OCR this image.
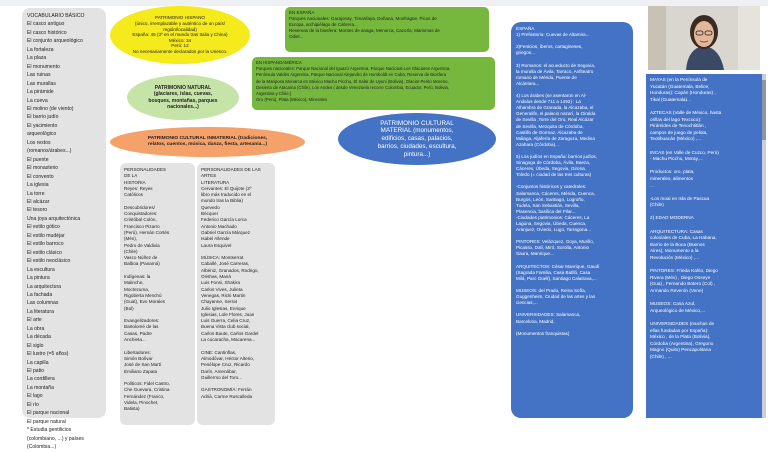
VOCABULARIO BÁSICO
El casco antiguo
El casco histórico
El conjunto arqueológico
La fortaleza
La plaza
El monumento
Las ruinas
Las murallas
La pirámide
La cueva
El molino (de viento)
El barrio judío
El yacimiento
arqueológico
Los restos
(romanos/árabes...)
El puente
El monasterio
El convento
La iglesia
La torre
El alcázar
El tesoro
Una joya arquitectónica
El estilo gótico
El estilo mudéjar
El estilo barroco
El estilo clásico
El estilo neoclásico
La escultura
La pintura
La arquitectura
La fachada
Las columnas
La literatura
El arte
La obra
La década
El siglo
El lustro (=5 años)
La capilla
El patio
La cordillera
La montaña
El lago
El río
El parque nacional
El parque natural
* Estudia gentilicios
(colombiano, ...) y países
(Colombia...)
PATRIMONIO HISPANO
(único, irremplazable y auténtico de un país/
región/localidad)
España: 45 (3º en el mundo tras Italia y China)
México: 34
Perú: 12
No necesariamente declarados por la Unesco.
EN ESPAÑA
Parques nacionales: Garajonay, Timanfaya, Doñana, Monfragüe, Picos de
Europa, archipiélago de Cabrera...
Reservas de la biosfera: Montes de anaga, Menorca, Cazorla, Marismas de
Odiel...
EN HISPANOAMÉRICA
Parques nacionales: Parque Nacional del Iguazú Argentina, Parque Nacional Los Glaciares Argentina,
Península Valdés Argentina, Parque Nacional Alejandro de Humboldt en Cuba, Reserva de Biosfera
de la Mariposa Monarca en México Machu Picchu, El Salar de Uyuni (Bolivia), Glaciar Perito Moreno,
Desierto de Atacama (Chile), Los Andes ( desde Venezuela recorre Colombia, Ecuador, Perú, Bolivia,
Argentina y Chile.)
Oro (Perú), Plata (México), Minerales
PATRIMONIO NATURAL
(glaciares, islas, cuevas,
bosques, montañas, parques
nacionales...)
PATRIMONIO CULTURAL INMATERIAL (tradiciones,
relatos, cuentos, música, danza, fiesta, artesanía...)
PATRIMONIO CULTURAL
MATERIAL (monumentos,
edificios, casas, palacios,
barrios, ciudades, escultura,
pintura...)
PERSONALIDADES
DE LA
HISTORIA
Reyes: Reyes
Católicos

Descubridores/
Conquistadores:
Cristóbal Colón,
Francisco Pizarro
(Perú), Hernán Cortés
(Méx),
Pedro de Valdivia
(Chile)
Vasco Núñez de
Balboa (Panamá)

Indígenas: la
Malinche,
Moctezuma,
Rigoberta Menchú
(Guat), Evo Morales
(Bol)

Evangelizadores:
Bartolomé de las
Casas, Padre
Anchieta...

Libertadores:
Simón Bolívar
José de San Martí
Emiliano Zapata

Políticos: Fidel Castro,
Che Guevara, Cristina
Fernández (Franco,
Videla, Pinochet,
Batista)
PERSONALIDADES DE LAS
ARTES
LITERATURA
Cervantes: El Quijote (2º
libro más traducido en el
mundo tras la Biblia)
Quevedo
Bécquer
Federico García Lorca
Antonio Machado
Gabriel García Márquez
Isabel Allende
Laura Esquivel

MÚSICA: Montserrat
Caballé, José Carreras,
Albéniz, Granados, Rodrigo,
Orishas, Maná
Luis Fonsi, Shakira
Carlos Vives, Julieta
Venegas, Ricki Martin
Chayanne, Serrat
Julio Iglesias, Enrique
Iglesias, Lole Flores, Juan
Luis Guerra, Celia Cruz,
Buena Vista club social,
Carlos Baute, Carlos Gardel
La cucaracha, Macarena...

CINE: Cantinflas,
Almodóvar, Héctor Alterio,
Penélope Cruz, Ricardo
Darín, Amenábar,
Guillermo del Toro...

GASTRONOMÍA: Ferrán
Adriá, Carme Ruscalleda
ESPAÑA
1) Prehistoria: Cuevas de Altamira...

2)Fenicios, íberos, cartagineses,
griegos...

3) Romanos: el acueducto de Segovia,
la muralla de Ávila, Tarraco, Anfiteatro
romano de Mérida, Puente de
Alcántara...

4) Los árabes (se asentaron en Al-
Andalus desde 711 a 1492) : La
Alhambra de Granada, la Alcazaba, el
Generalife, el palacio nazarí, la Giralda
de Sevilla ,Torre del Oro, Real Alcázar
de Sevilla, Mezquita de Córdoba,
Castillo de Gormaz, Alcazaba de
Málaga, Aljafería de Zaragoza, Medina
Azahara (Córdoba)...

5) Los judíos en España: barrios judíos,
Sinagoga de Córdoba, Ávila, Baeza,
Cáceres, Úbeda, Segovia, Girona,
Toledo (= ciudad de las tres culturas)

-Conjuntos históricos y catedrales:
Salamanca, Cáceres, Mérida, Cuenca,
Burgos, León, Santiago, Logroño,
Tudela, San Sebastián, Sevilla,
Plasencia, basílica del Pilar...
-Ciudades patrimonios: Cáceres, La
Laguna, Segovia, Úbeda, Cuenca,
Aranjuez, Oviedo, Lugo, Tarragona...

PINTORES: Velázquez, Goya, Murillo,
Picasso, Dalí, Miró, Sorolla, Antonio
Saura, Manrique...

ARQUITECTOS: César Manrique, Gaudí
(Sagrada Familia, Casa Batlló, Casa
Milá, Parc Güell), Santiago Calatrava,...

MUSEOS: del Prado, Reina Sofía,
Guggenheim, Ciudad de las artes y las
ciencias,...

UNIVERSIDADES: Salamanca,
Barcelona, Madrid,

(Monumentos franquistas)
MAYAS (en la Península de
Yucatán (Guatemala, Belice,
Honduras): Copán (Honduras) ,
Tikal (Guatemala)...

AZTECAS (Valle de México, hasta
orillas del lago Texcoco):
Pirámides de Tenochtitlán ,
campos de juego de pelota,
Teotihuacán (México) ,...

INCAS (en Valle de Cuzco, Perú)
- Machu Picchu, Moray,...

Productos: oro, plata,
minerales, alimentos
...

-Los moai en Isla de Pascua
(Chile)

2) EDAD MODERNA

ARQUITECTURA: Casas
coloniales de Cuba, La Habana,
Barrio de la Boca (Buenos
Aires), Monumento a la
Revolución (México) ,...

PINTORES: Frieda Kahlo, Diego
Rivera (Méx) , Diego Osseye
(Gua) , Fernando Botero (Col) ,
Armando Reverón (Vene)

MUSEOS: Casa Azul,
Arqueológico de México,...

UNIVERSIDADES (muchas de
ellas fundadas por España):
México , de la Plata (Bolivia),
Córdoba (Argentina), Gregorio
Magno (Quito) Pencapolitana
(Chile) , ...
